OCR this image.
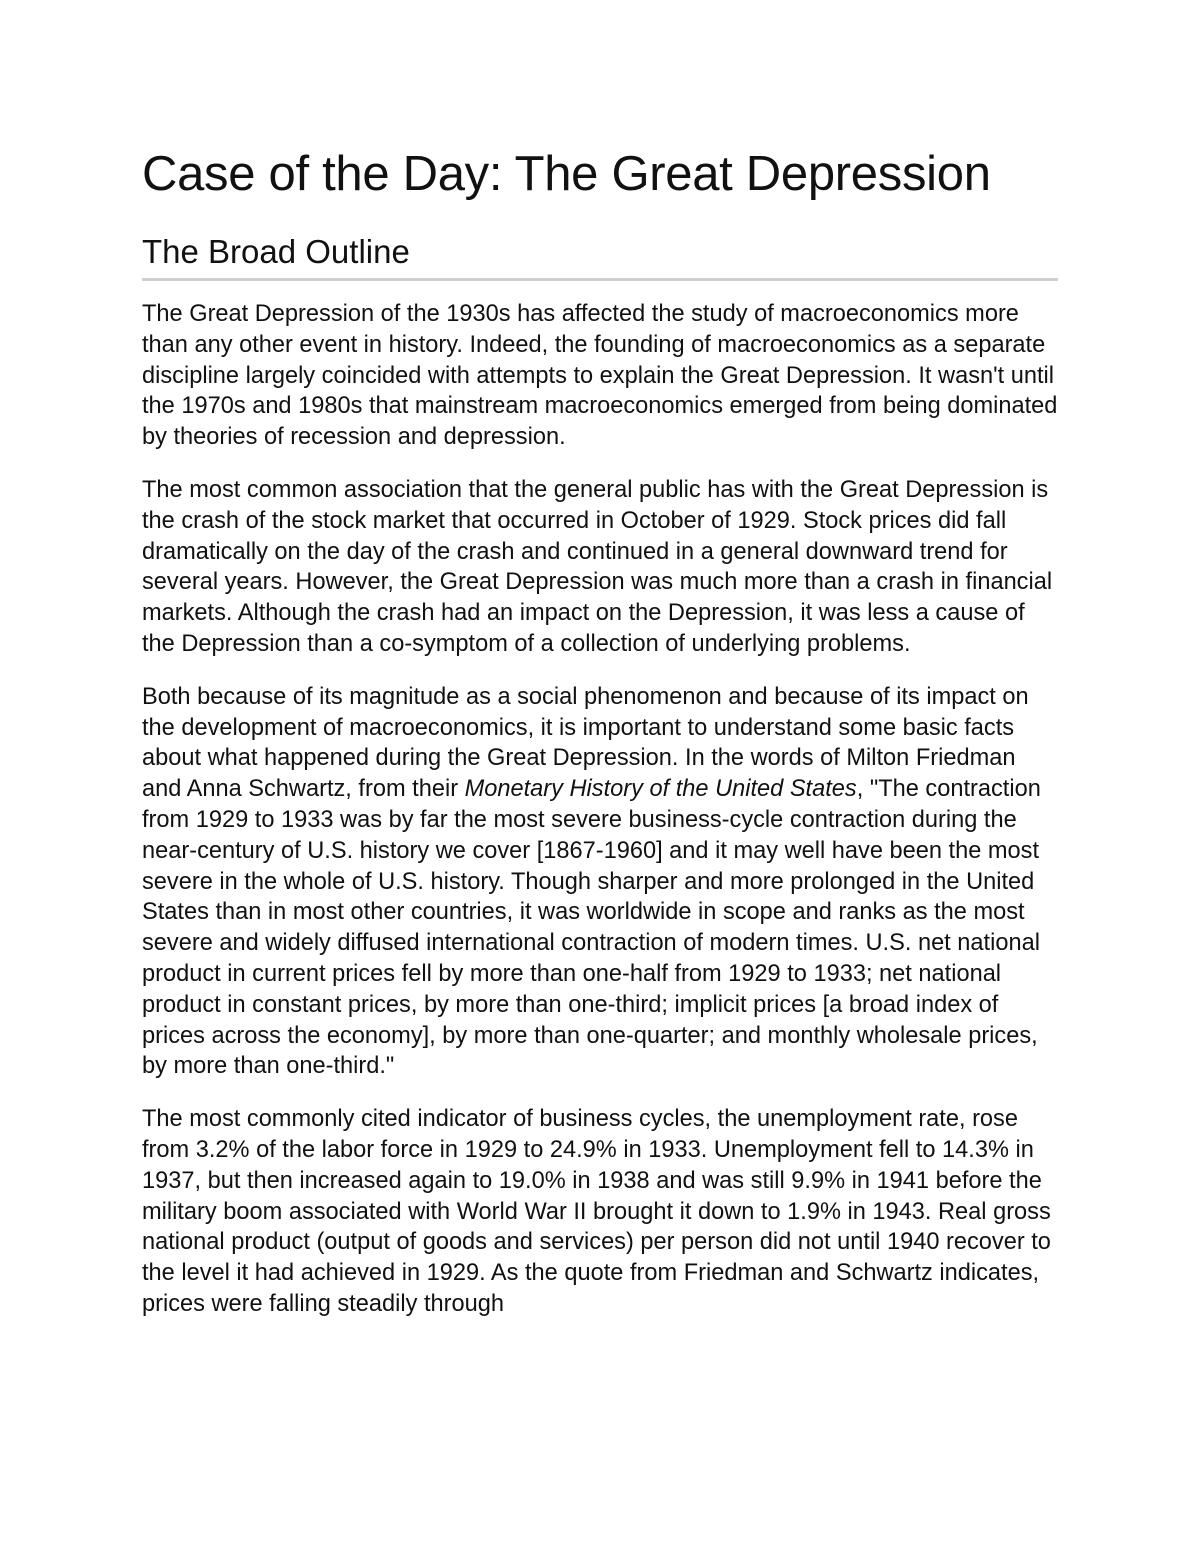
Case of the Day: The Great Depression
The Broad Outline

The Great Depression of the 1930s has affected the study of macroeconomics more than any other event in history. Indeed, the founding of macroeconomics as a separate discipline largely coincided with attempts to explain the Great Depression. It wasn't until the 1970s and 1980s that mainstream macroeconomics emerged from being dominated by theories of recession and depression.

The most common association that the general public has with the Great Depression is the crash of the stock market that occurred in October of 1929. Stock prices did fall dramatically on the day of the crash and continued in a general downward trend for several years. However, the Great Depression was much more than a crash in financial markets. Although the crash had an impact on the Depression, it was less a cause of the Depression than a co-symptom of a collection of underlying problems.

Both because of its magnitude as a social phenomenon and because of its impact on the development of macroeconomics, it is important to understand some basic facts about what happened during the Great Depression. In the words of Milton Friedman and Anna Schwartz, from their Monetary History of the United States, "The contraction from 1929 to 1933 was by far the most severe business-cycle contraction during the near-century of U.S. history we cover [1867-1960] and it may well have been the most severe in the whole of U.S. history. Though sharper and more prolonged in the United States than in most other countries, it was worldwide in scope and ranks as the most severe and widely diffused international contraction of modern times. U.S. net national product in current prices fell by more than one-half from 1929 to 1933; net national product in constant prices, by more than one-third; implicit prices [a broad index of prices across the economy], by more than one-quarter; and monthly wholesale prices, by more than one-third."

The most commonly cited indicator of business cycles, the unemployment rate, rose from 3.2% of the labor force in 1929 to 24.9% in 1933. Unemployment fell to 14.3% in 1937, but then increased again to 19.0% in 1938 and was still 9.9% in 1941 before the military boom associated with World War II brought it down to 1.9% in 1943. Real gross national product (output of goods and services) per person did not until 1940 recover to the level it had achieved in 1929. As the quote from Friedman and Schwartz indicates, prices were falling steadily through
